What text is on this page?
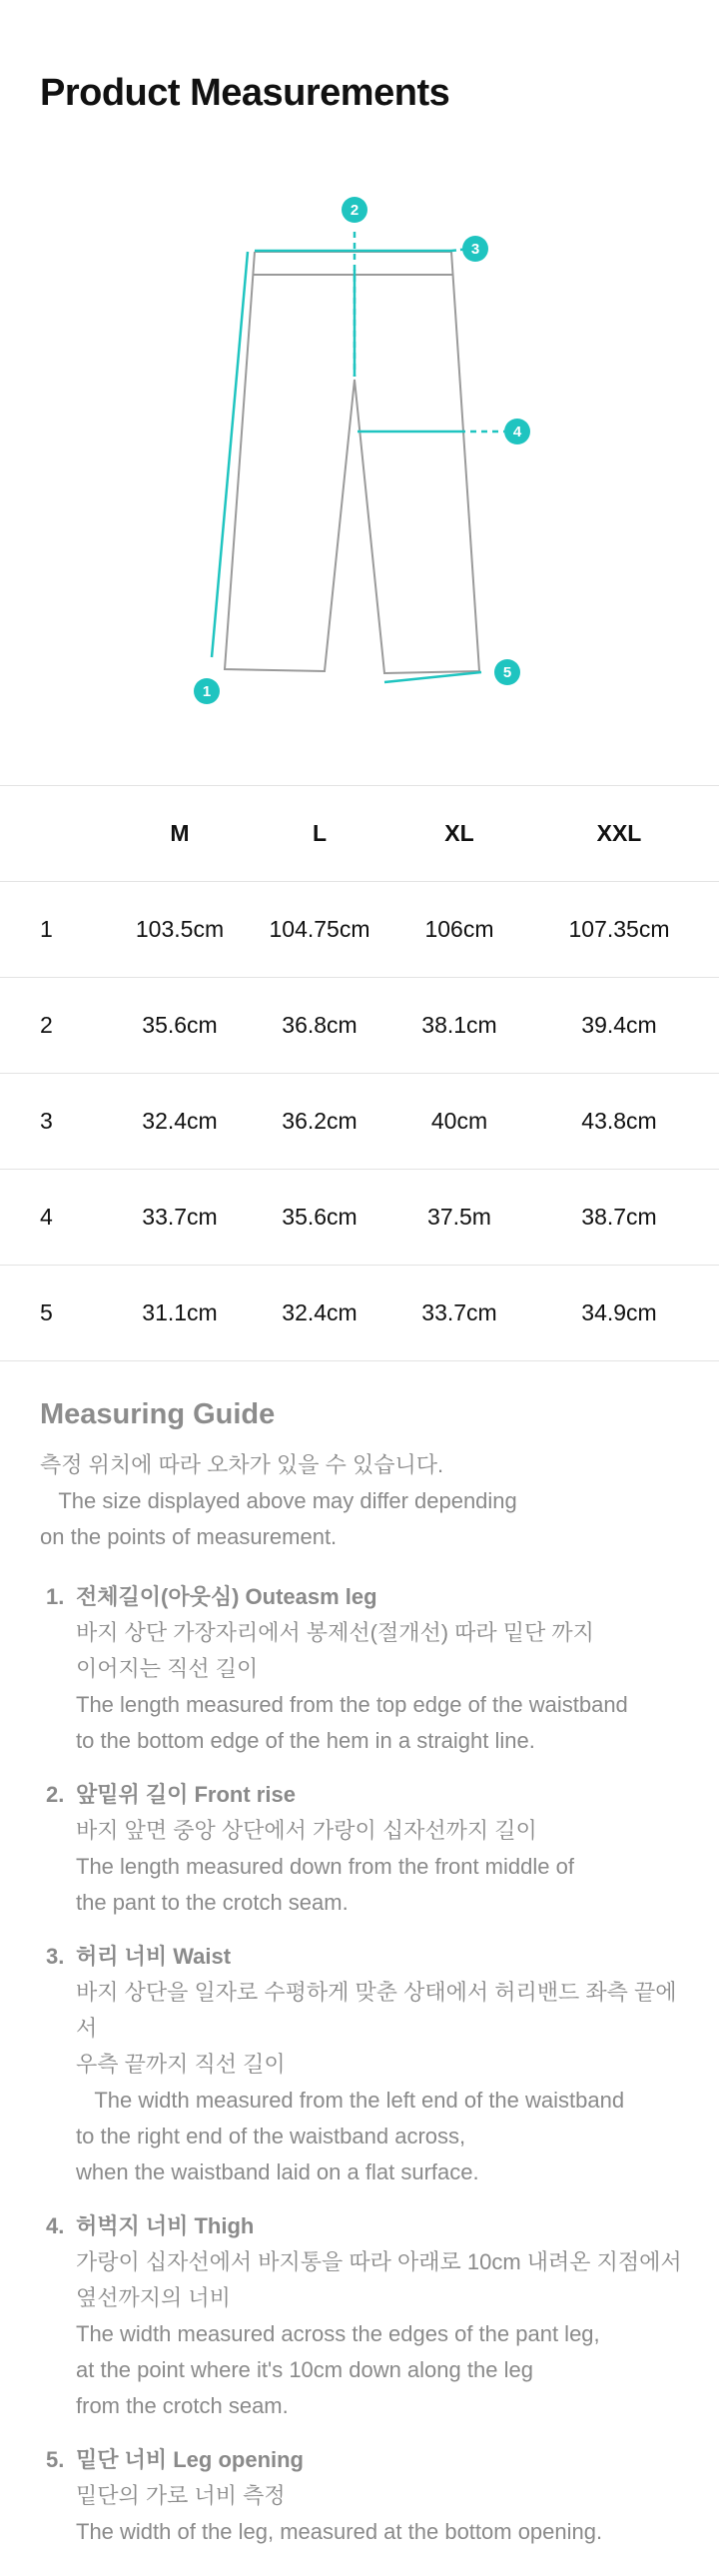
Product Measurements
1
2
3
4
5
	M	L	XL	XXL
1	103.5cm	104.75cm	106cm	107.35cm
2	35.6cm	36.8cm	38.1cm	39.4cm
3	32.4cm	36.2cm	40cm	43.8cm
4	33.7cm	35.6cm	37.5m	38.7cm
5	31.1cm	32.4cm	33.7cm	34.9cm
Measuring Guide

측정 위치에 따라 오차가 있을 수 있습니다.

The size displayed above may differ depending

on the points of measurement.

1. 전체길이(아웃심) Outeasm leg
바지 상단 가장자리에서 봉제선(절개선) 따라 밑단 까지
이어지는 직선 길이
The length measured from the top edge of the waistband
to the bottom edge of the hem in a straight line.
2. 앞밑위 길이 Front rise
바지 앞면 중앙 상단에서 가랑이 십자선까지 길이
The length measured down from the front middle of
the pant to the crotch seam.
3. 허리 너비 Waist
바지 상단을 일자로 수평하게 맞춘 상태에서 허리밴드 좌측 끝에서
우측 끝까지 직선 길이
The width measured from the left end of the waistband
to the right end of the waistband across,
when the waistband laid on a flat surface.
4. 허벅지 너비 Thigh
가랑이 십자선에서 바지통을 따라 아래로 10cm 내려온 지점에서
옆선까지의 너비
The width measured across the edges of the pant leg,
at the point where it's 10cm down along the leg
from the crotch seam.
5. 밑단 너비 Leg opening
밑단의 가로 너비 측정
The width of the leg, measured at the bottom opening.
